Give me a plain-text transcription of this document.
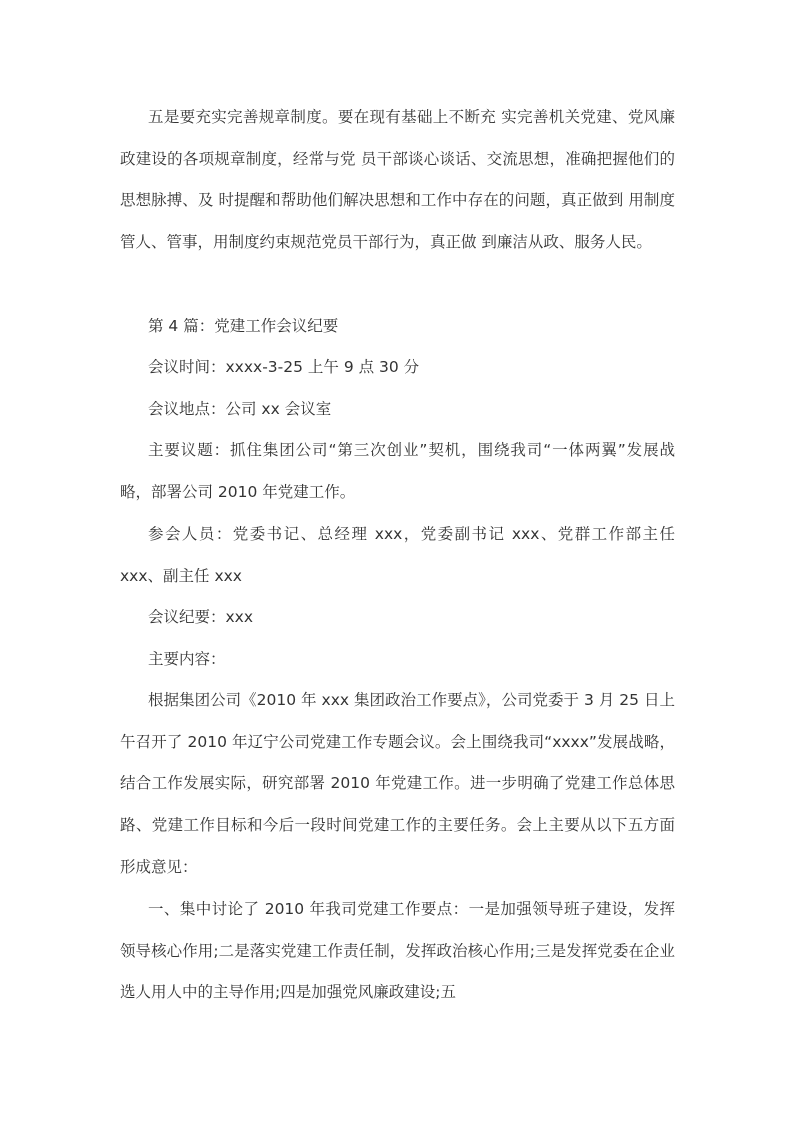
五是要充实完善规章制度。要在现有基础上不断充 实完善机关党建、党风廉政建设的各项规章制度，经常与党 员干部谈心谈话、交流思想，准确把握他们的思想脉搏、及 时提醒和帮助他们解决思想和工作中存在的问题，真正做到 用制度管人、管事，用制度约束规范党员干部行为，真正做 到廉洁从政、服务人民。

第 4 篇：党建工作会议纪要

会议时间：xxxx-3-25 上午 9 点 30 分

会议地点：公司 xx 会议室

主要议题：抓住集团公司“第三次创业”契机，围绕我司“一体两翼”发展战略，部署公司 2010 年党建工作。

参会人员：党委书记、总经理 xxx，党委副书记 xxx、党群工作部主任 xxx、副主任 xxx

会议纪要：xxx

主要内容：

根据集团公司《2010 年 xxx 集团政治工作要点》，公司党委于 3 月 25 日上午召开了 2010 年辽宁公司党建工作专题会议。会上围绕我司“xxxx”发展战略，结合工作发展实际，研究部署 2010 年党建工作。进一步明确了党建工作总体思路、党建工作目标和今后一段时间党建工作的主要任务。会上主要从以下五方面形成意见：

一、集中讨论了 2010 年我司党建工作要点：一是加强领导班子建设，发挥领导核心作用;二是落实党建工作责任制，发挥政治核心作用;三是发挥党委在企业选人用人中的主导作用;四是加强党风廉政建设;五
